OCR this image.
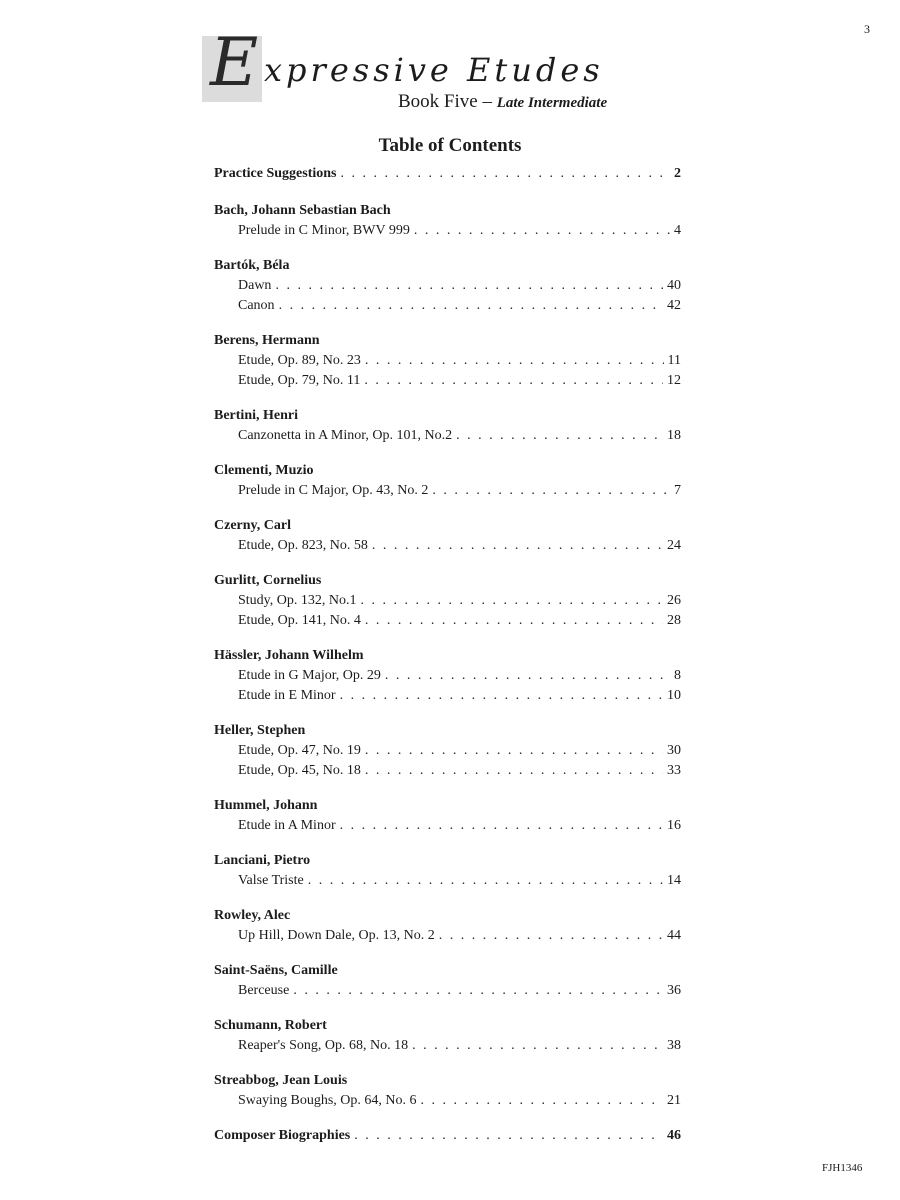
3
E xpressive Etudes
Book Five – Late Intermediate
Table of Contents
Practice Suggestions . . .	2
Bach, Johann Sebastian Bach
Prelude in C Minor, BWV 999 . . .	4
Bartók, Béla
Dawn . . .	40
Canon . . .	42
Berens, Hermann
Etude, Op. 89, No. 23 . . .	11
Etude, Op. 79, No. 11 . . .	12
Bertini, Henri
Canzonetta in A Minor, Op. 101, No.2 . . .	18
Clementi, Muzio
Prelude in C Major, Op. 43, No. 2 . . .	7
Czerny, Carl
Etude, Op. 823, No. 58 . . .	24
Gurlitt, Cornelius
Study, Op. 132, No.1 . . .	26
Etude, Op. 141, No. 4 . . .	28
Hässler, Johann Wilhelm
Etude in G Major, Op. 29 . . .	8
Etude in E Minor . . .	10
Heller, Stephen
Etude, Op. 47, No. 19 . . .	30
Etude, Op. 45, No. 18 . . .	33
Hummel, Johann
Etude in A Minor . . .	16
Lanciani, Pietro
Valse Triste . . .	14
Rowley, Alec
Up Hill, Down Dale, Op. 13, No. 2 . . .	44
Saint-Saëns, Camille
Berceuse . . .	36
Schumann, Robert
Reaper's Song, Op. 68, No. 18 . . .	38
Streabbog, Jean Louis
Swaying Boughs, Op. 64, No. 6 . . .	21
Composer Biographies . . .	46
FJH1346
